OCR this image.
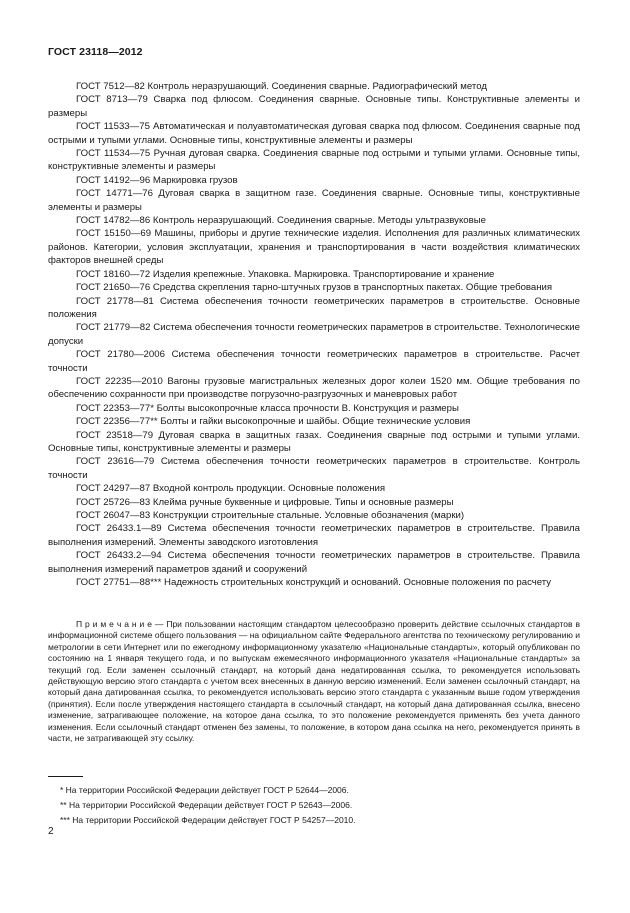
ГОСТ 23118—2012

ГОСТ 7512—82 Контроль неразрушающий. Соединения сварные. Радиографический метод

ГОСТ 8713—79 Сварка под флюсом. Соединения сварные. Основные типы. Конструктивные элементы и размеры

ГОСТ 11533—75 Автоматическая и полуавтоматическая дуговая сварка под флюсом. Соединения сварные под острыми и тупыми углами. Основные типы, конструктивные элементы и размеры

ГОСТ 11534—75 Ручная дуговая сварка. Соединения сварные под острыми и тупыми углами. Основные типы, конструктивные элементы и размеры

ГОСТ 14192—96 Маркировка грузов

ГОСТ 14771—76 Дуговая сварка в защитном газе. Соединения сварные. Основные типы, конструктивные элементы и размеры

ГОСТ 14782—86 Контроль неразрушающий. Соединения сварные. Методы ультразвуковые

ГОСТ 15150—69 Машины, приборы и другие технические изделия. Исполнения для различных климатических районов. Категории, условия эксплуатации, хранения и транспортирования в части воздействия климатических факторов внешней среды

ГОСТ 18160—72 Изделия крепежные. Упаковка. Маркировка. Транспортирование и хранение

ГОСТ 21650—76 Средства скрепления тарно-штучных грузов в транспортных пакетах. Общие требования

ГОСТ 21778—81 Система обеспечения точности геометрических параметров в строительстве. Основные положения

ГОСТ 21779—82 Система обеспечения точности геометрических параметров в строительстве. Технологические допуски

ГОСТ 21780—2006 Система обеспечения точности геометрических параметров в строительстве. Расчет точности

ГОСТ 22235—2010 Вагоны грузовые магистральных железных дорог колеи 1520 мм. Общие требования по обеспечению сохранности при производстве погрузочно-разгрузочных и маневровых работ

ГОСТ 22353—77* Болты высокопрочные класса прочности В. Конструкция и размеры

ГОСТ 22356—77** Болты и гайки высокопрочные и шайбы. Общие технические условия

ГОСТ 23518—79 Дуговая сварка в защитных газах. Соединения сварные под острыми и тупыми углами. Основные типы, конструктивные элементы и размеры

ГОСТ 23616—79 Система обеспечения точности геометрических параметров в строительстве. Контроль точности

ГОСТ 24297—87 Входной контроль продукции. Основные положения

ГОСТ 25726—83 Клейма ручные буквенные и цифровые. Типы и основные размеры

ГОСТ 26047—83 Конструкции строительные стальные. Условные обозначения (марки)

ГОСТ 26433.1—89 Система обеспечения точности геометрических параметров в строительстве. Правила выполнения измерений. Элементы заводского изготовления

ГОСТ 26433.2—94 Система обеспечения точности геометрических параметров в строительстве. Правила выполнения измерений параметров зданий и сооружений

ГОСТ 27751—88*** Надежность строительных конструкций и оснований. Основные положения по расчету

П р и м е ч а н и е — При пользовании настоящим стандартом целесообразно проверить действие ссылочных стандартов в информационной системе общего пользования — на официальном сайте Федерального агентства по техническому регулированию и метрологии в сети Интернет или по ежегодному информационному указателю «Национальные стандарты», который опубликован по состоянию на 1 января текущего года, и по выпускам ежемесячного информационного указателя «Национальные стандарты» за текущий год. Если заменен ссылочный стандарт, на который дана недатированная ссылка, то рекомендуется использовать действующую версию этого стандарта с учетом всех внесенных в данную версию изменений. Если заменен ссылочный стандарт, на который дана датированная ссылка, то рекомендуется использовать версию этого стандарта с указанным выше годом утверждения (принятия). Если после утверждения настоящего стандарта в ссылочный стандарт, на который дана датированная ссылка, внесено изменение, затрагивающее положение, на которое дана ссылка, то это положение рекомендуется применять без учета данного изменения. Если ссылочный стандарт отменен без замены, то положение, в котором дана ссылка на него, рекомендуется принять в части, не затрагивающей эту ссылку.

* На территории Российской Федерации действует ГОСТ Р 52644—2006.

** На территории Российской Федерации действует ГОСТ Р 52643—2006.

*** На территории Российской Федерации действует ГОСТ Р 54257—2010.

2
